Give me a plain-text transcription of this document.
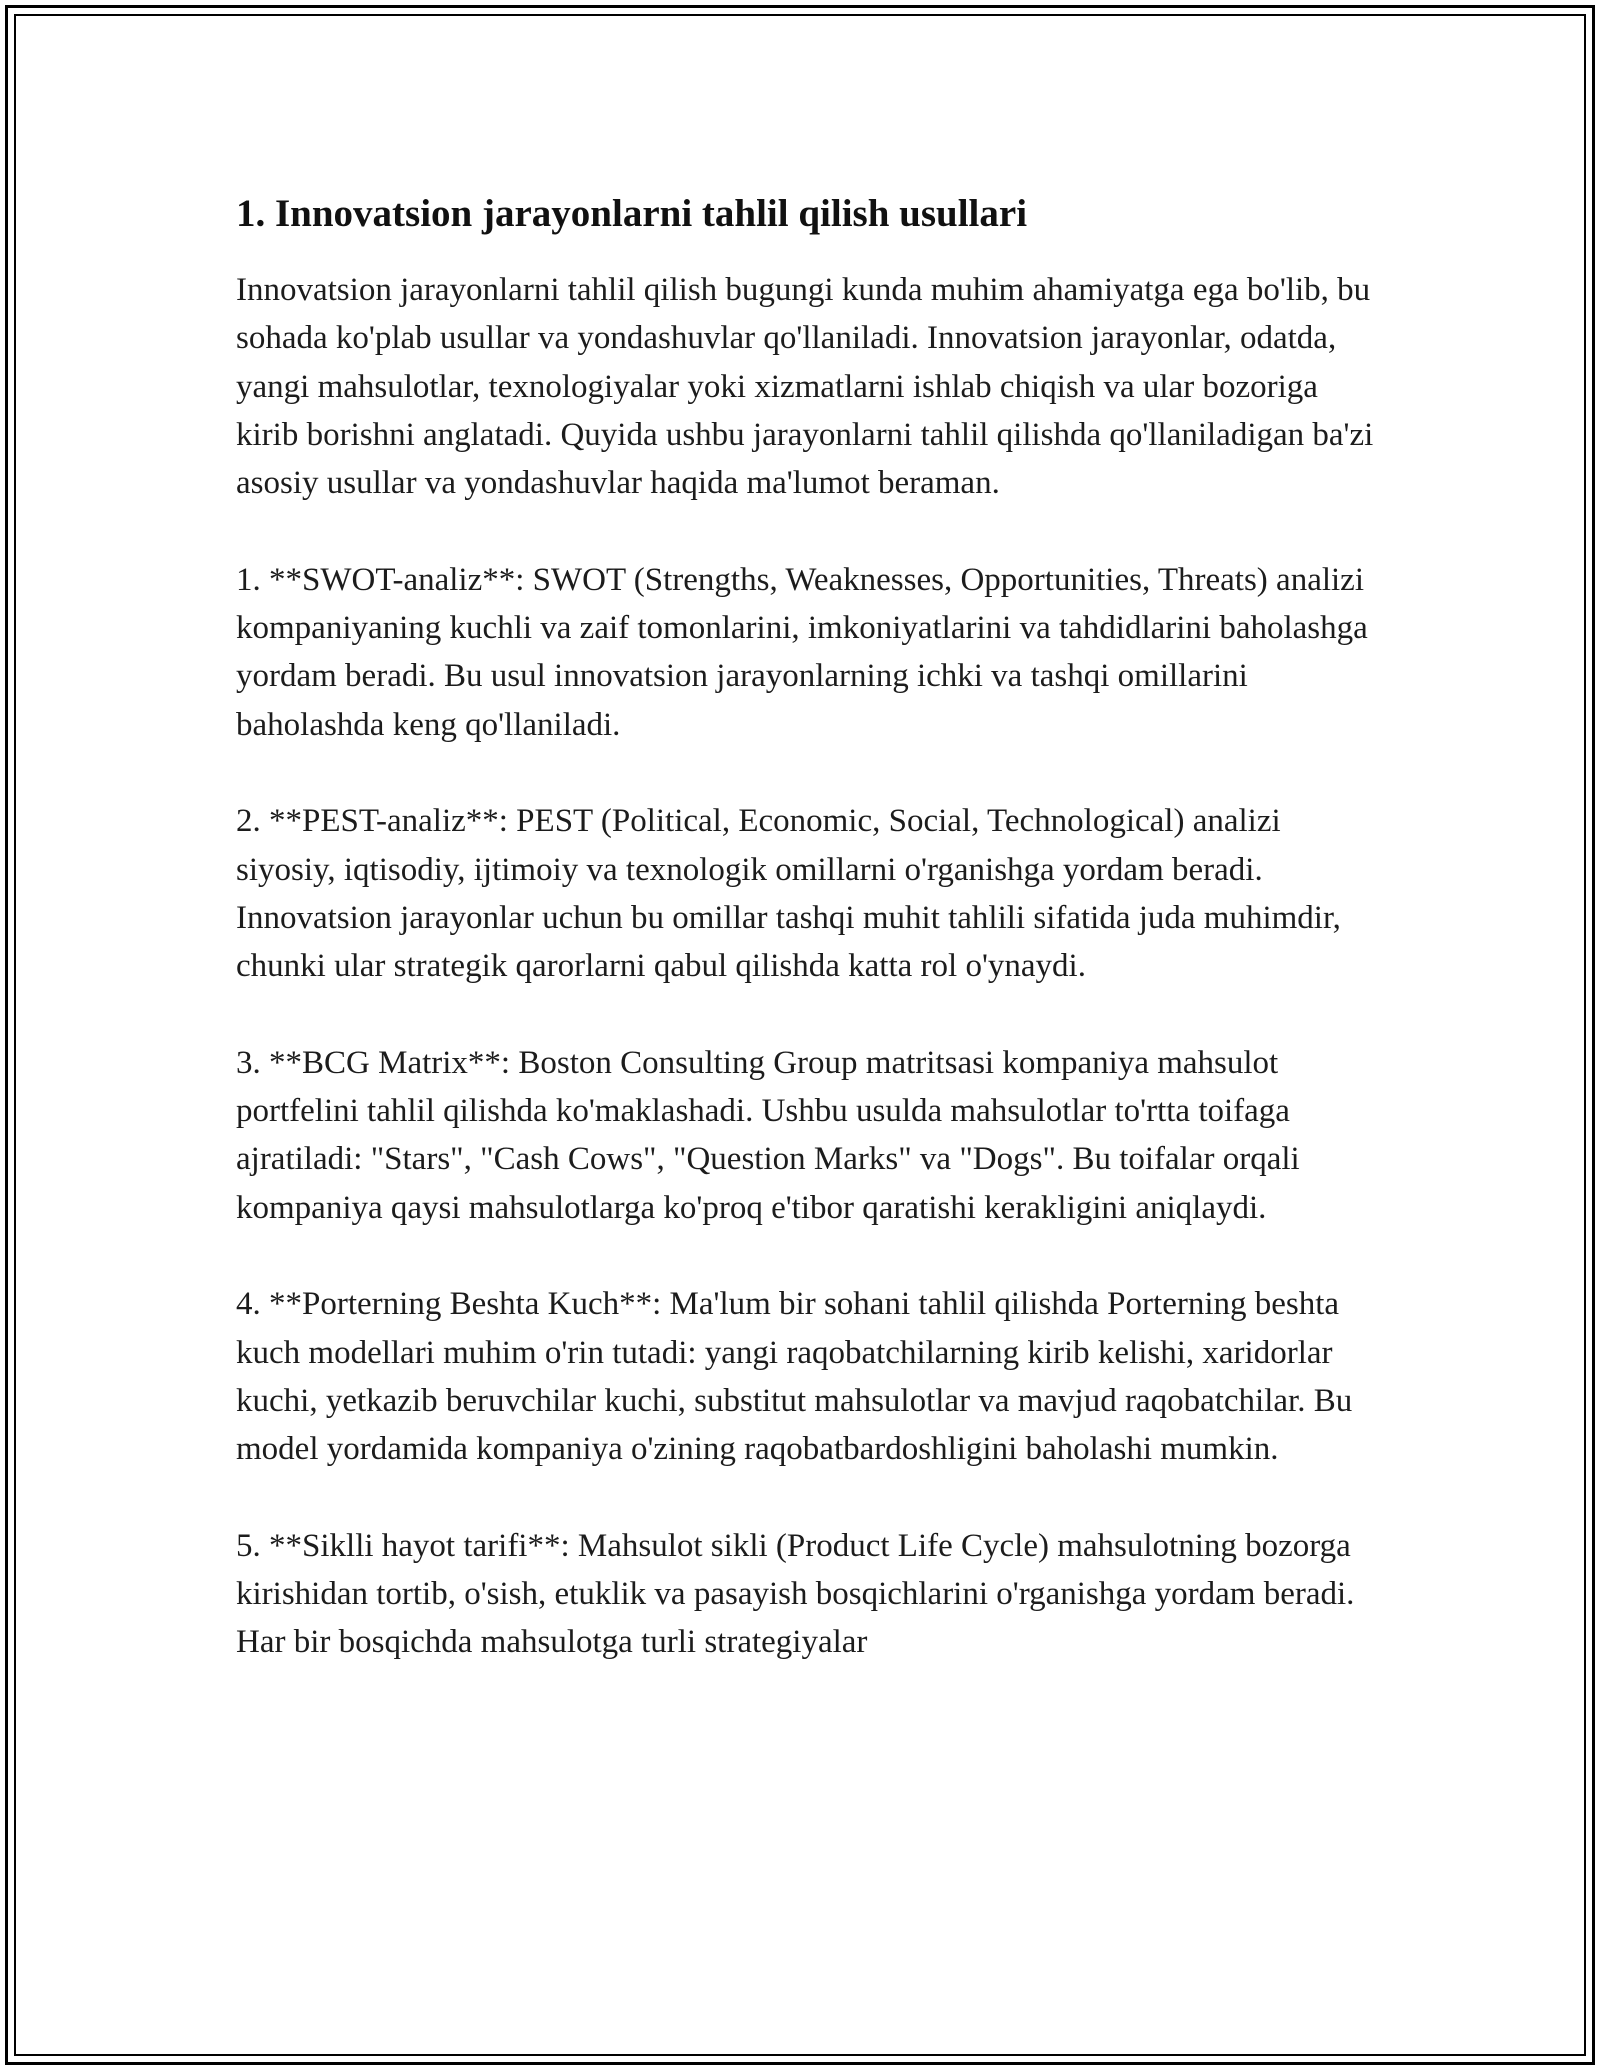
1. Innovatsion jarayonlarni tahlil qilish usullari

Innovatsion jarayonlarni tahlil qilish bugungi kunda muhim ahamiyatga ega bo'lib, bu sohada ko'plab usullar va yondashuvlar qo'llaniladi. Innovatsion jarayonlar, odatda, yangi mahsulotlar, texnologiyalar yoki xizmatlarni ishlab chiqish va ular bozoriga kirib borishni anglatadi. Quyida ushbu jarayonlarni tahlil qilishda qo'llaniladigan ba'zi asosiy usullar va yondashuvlar haqida ma'lumot beraman.

1. **SWOT-analiz**: SWOT (Strengths, Weaknesses, Opportunities, Threats) analizi kompaniyaning kuchli va zaif tomonlarini, imkoniyatlarini va tahdidlarini baholashga yordam beradi. Bu usul innovatsion jarayonlarning ichki va tashqi omillarini baholashda keng qo'llaniladi.

2. **PEST-analiz**: PEST (Political, Economic, Social, Technological) analizi siyosiy, iqtisodiy, ijtimoiy va texnologik omillarni o'rganishga yordam beradi. Innovatsion jarayonlar uchun bu omillar tashqi muhit tahlili sifatida juda muhimdir, chunki ular strategik qarorlarni qabul qilishda katta rol o'ynaydi.

3. **BCG Matrix**: Boston Consulting Group matritsasi kompaniya mahsulot portfelini tahlil qilishda ko'maklashadi. Ushbu usulda mahsulotlar to'rtta toifaga ajratiladi: "Stars", "Cash Cows", "Question Marks" va "Dogs". Bu toifalar orqali kompaniya qaysi mahsulotlarga ko'proq e'tibor qaratishi kerakligini aniqlaydi.

4. **Porterning Beshta Kuch**: Ma'lum bir sohani tahlil qilishda Porterning beshta kuch modellari muhim o'rin tutadi: yangi raqobatchilarning kirib kelishi, xaridorlar kuchi, yetkazib beruvchilar kuchi, substitut mahsulotlar va mavjud raqobatchilar. Bu model yordamida kompaniya o'zining raqobatbardoshligini baholashi mumkin.

5. **Siklli hayot tarifi**: Mahsulot sikli (Product Life Cycle) mahsulotning bozorga kirishidan tortib, o'sish, etuklik va pasayish bosqichlarini o'rganishga yordam beradi. Har bir bosqichda mahsulotga turli strategiyalar
